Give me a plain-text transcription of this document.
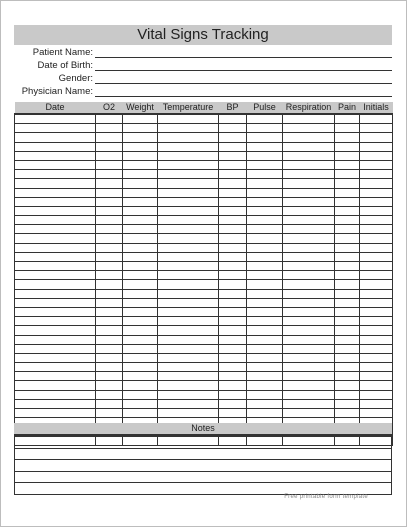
Vital Signs Tracking
Patient Name:
Date of Birth:
Gender:
Physician Name:
Date	O2	Weight	Temperature	BP	Pulse	Respiration	Pain	Initials

Notes
Free printable form template
